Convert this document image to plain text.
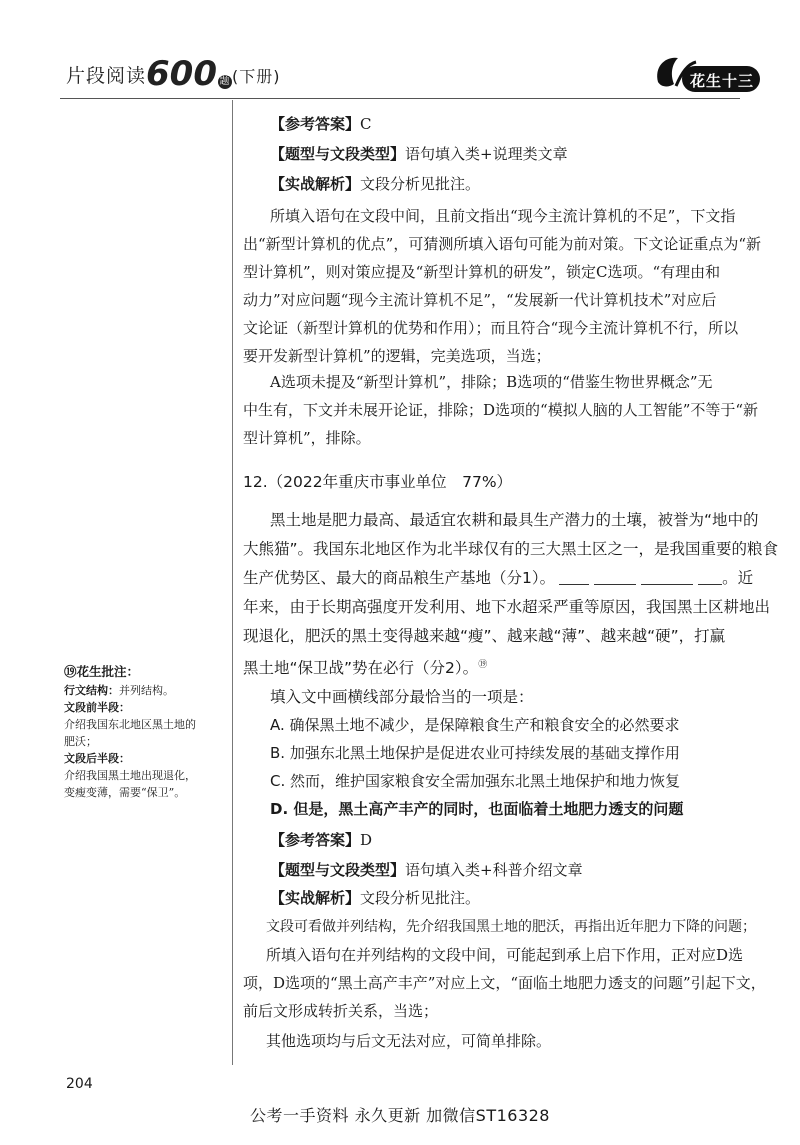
片段阅读600 题(下册)	花生十三
【参考答案】C
【题型与文段类型】语句填入类+说理类文章
【实战解析】文段分析见批注。
所填入语句在文段中间，且前文指出“现今主流计算机的不足”，下文指
出“新型计算机的优点”，可猜测所填入语句可能为前对策。下文论证重点为“新
型计算机”，则对策应提及“新型计算机的研发”，锁定C选项。“有理由和
动力”对应问题“现今主流计算机不足”，“发展新一代计算机技术”对应后
文论证（新型计算机的优势和作用）；而且符合“现今主流计算机不行，所以
要开发新型计算机”的逻辑，完美选项，当选；
A选项未提及“新型计算机”，排除；B选项的“借鉴生物世界概念”无
中生有，下文并未展开论证，排除；D选项的“模拟人脑的人工智能”不等于“新
型计算机”，排除。
12.（2022年重庆市事业单位　77%）
黑土地是肥力最高、最适宜农耕和最具生产潜力的土壤，被誉为“地中的
大熊猫”。我国东北地区作为北半球仅有的三大黑土区之一，是我国重要的粮食
生产优势区、最大的商品粮生产基地（分1）。	。近
年来，由于长期高强度开发利用、地下水超采严重等原因，我国黑土区耕地出
现退化，肥沃的黑土变得越来越“瘦”、越来越“薄”、越来越“硬”，打赢
黑土地“保卫战”势在必行（分2）。⑲
填入文中画横线部分最恰当的一项是：
A. 确保黑土地不减少，是保障粮食生产和粮食安全的必然要求
B. 加强东北黑土地保护是促进农业可持续发展的基础支撑作用
C. 然而，维护国家粮食安全需加强东北黑土地保护和地力恢复
D. 但是，黑土高产丰产的同时，也面临着土地肥力透支的问题
【参考答案】D
【题型与文段类型】语句填入类+科普介绍文章
【实战解析】文段分析见批注。
文段可看做并列结构，先介绍我国黑土地的肥沃，再指出近年肥力下降的问题；
所填入语句在并列结构的文段中间，可能起到承上启下作用，正对应D选
项，D选项的“黑土高产丰产”对应上文，“面临土地肥力透支的问题”引起下文，
前后文形成转折关系，当选；
其他选项均与后文无法对应，可简单排除。
⑲花生批注：
行文结构：并列结构。
文段前半段：
介绍我国东北地区黑土地的
肥沃；
文段后半段：
介绍我国黑土地出现退化，
变瘦变薄，需要“保卫”。
204
公考一手资料 永久更新 加微信ST16328
